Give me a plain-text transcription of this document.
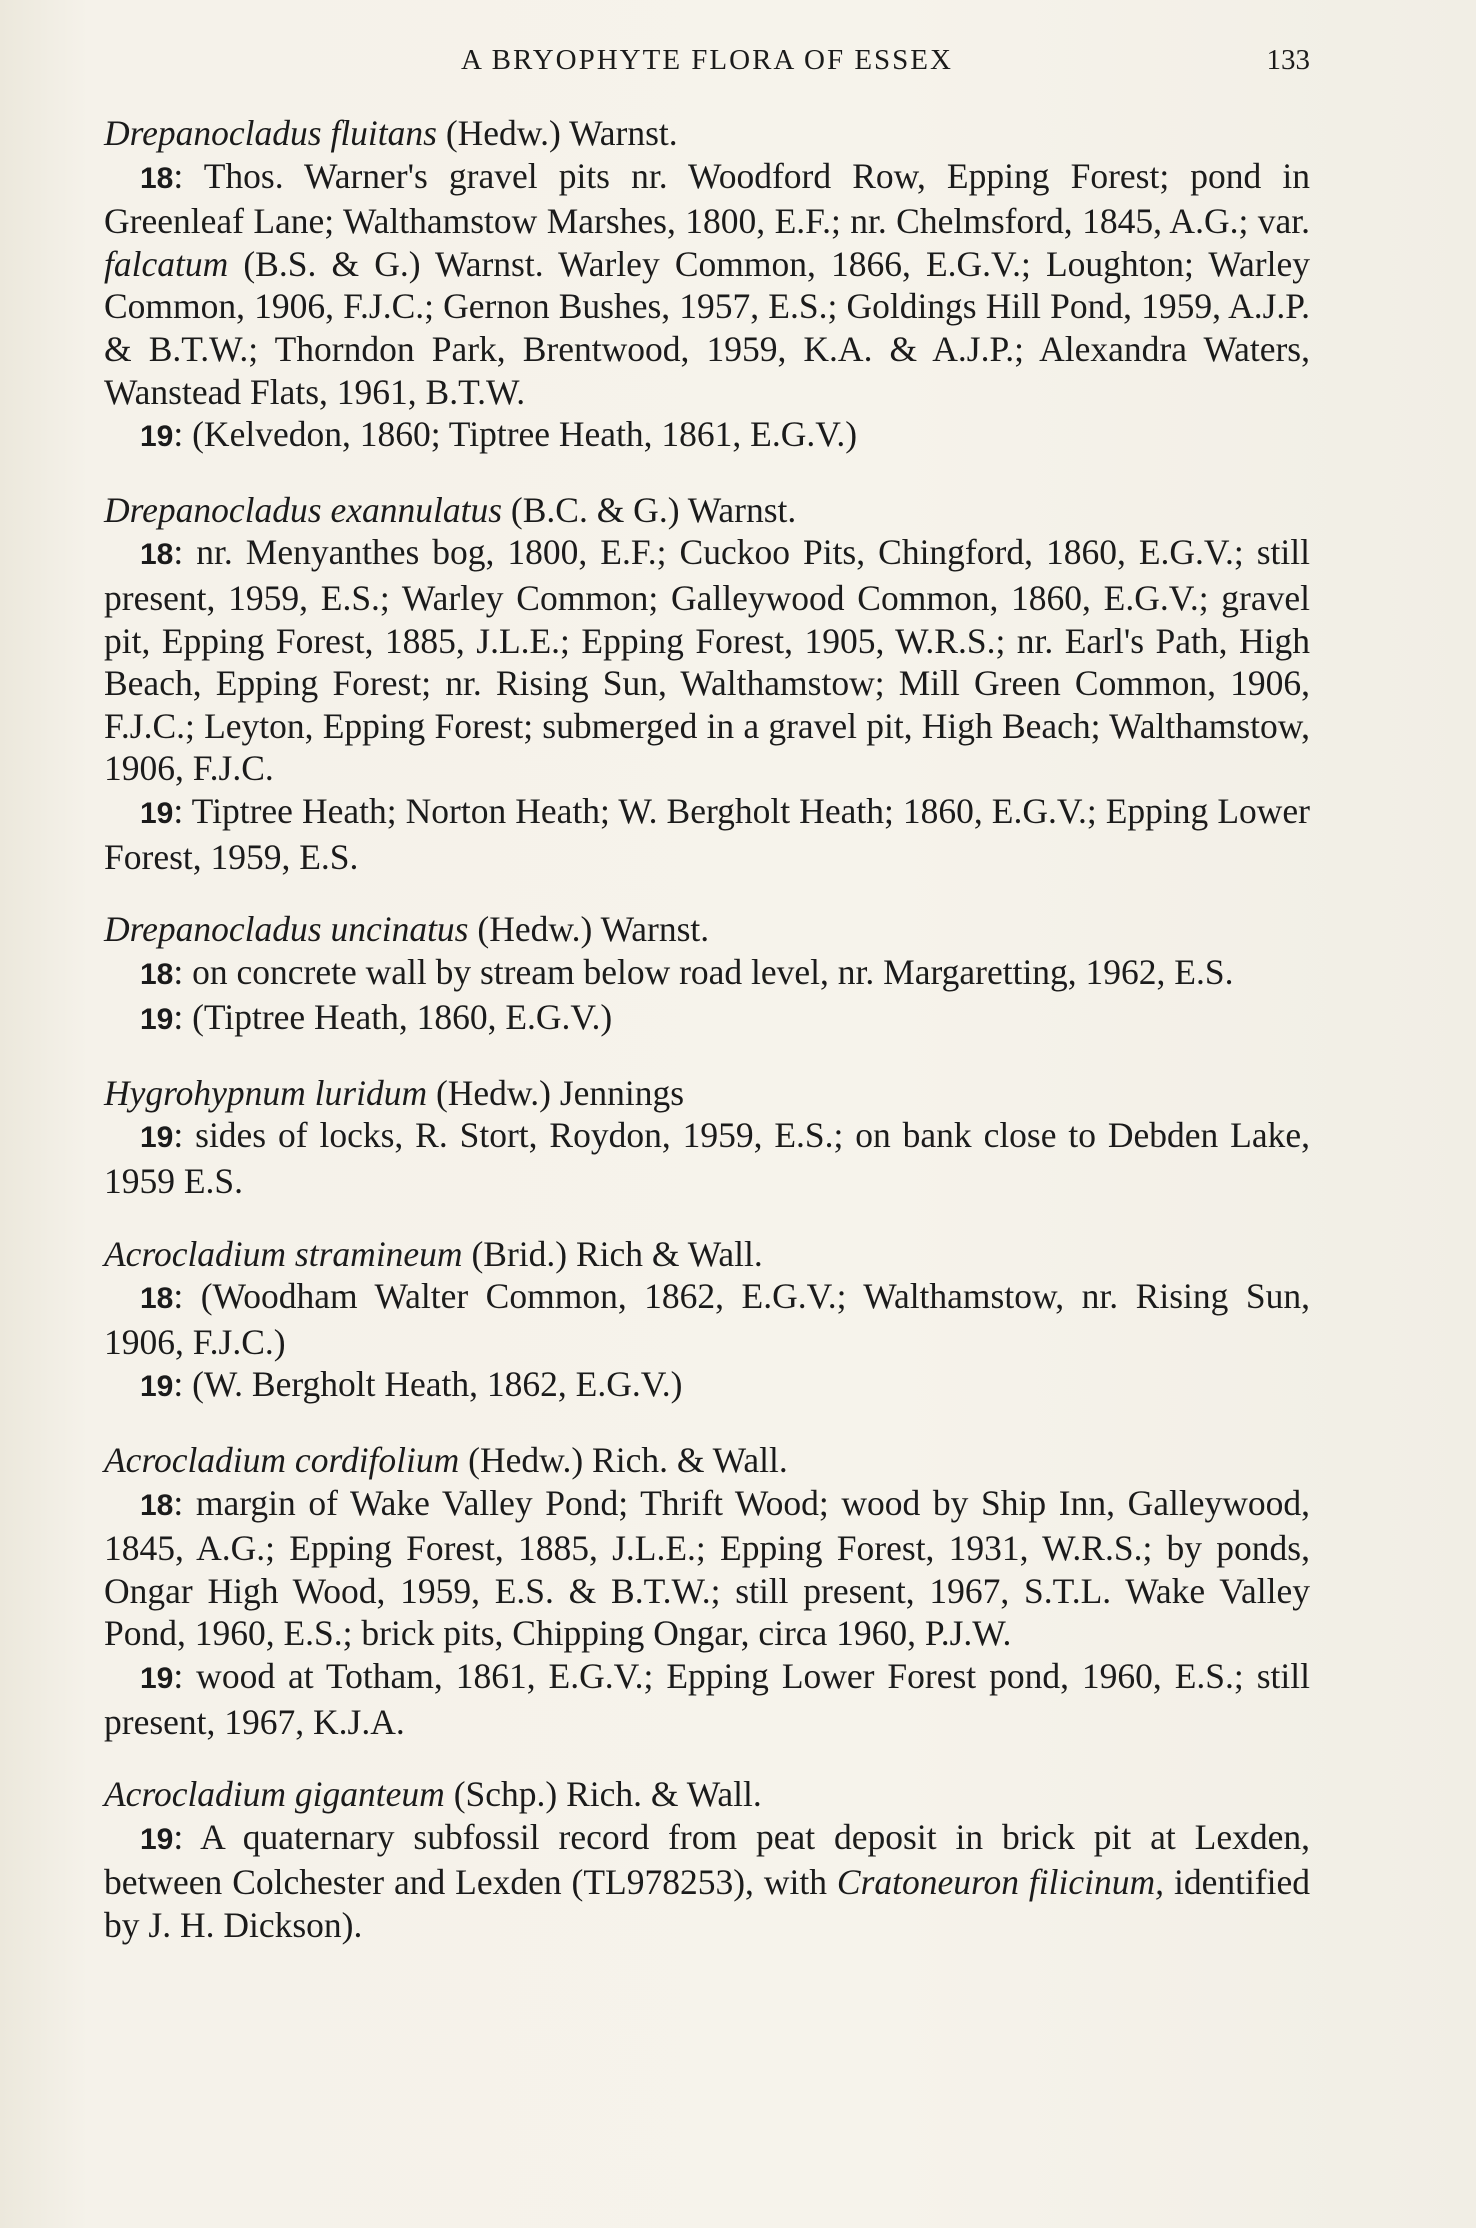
A BRYOPHYTE FLORA OF ESSEX	133

Drepanocladus fluitans (Hedw.) Warnst.

18: Thos. Warner's gravel pits nr. Woodford Row, Epping Forest; pond in Greenleaf Lane; Walthamstow Marshes, 1800, E.F.; nr. Chelmsford, 1845, A.G.; var. falcatum (B.S. & G.) Warnst. Warley Common, 1866, E.G.V.; Loughton; Warley Common, 1906, F.J.C.; Gernon Bushes, 1957, E.S.; Goldings Hill Pond, 1959, A.J.P. & B.T.W.; Thorndon Park, Brentwood, 1959, K.A. & A.J.P.; Alexandra Waters, Wanstead Flats, 1961, B.T.W.

19: (Kelvedon, 1860; Tiptree Heath, 1861, E.G.V.)

Drepanocladus exannulatus (B.C. & G.) Warnst.

18: nr. Menyanthes bog, 1800, E.F.; Cuckoo Pits, Chingford, 1860, E.G.V.; still present, 1959, E.S.; Warley Common; Galleywood Common, 1860, E.G.V.; gravel pit, Epping Forest, 1885, J.L.E.; Epping Forest, 1905, W.R.S.; nr. Earl's Path, High Beach, Epping Forest; nr. Rising Sun, Walthamstow; Mill Green Common, 1906, F.J.C.; Leyton, Epping Forest; submerged in a gravel pit, High Beach; Walthamstow, 1906, F.J.C.

19: Tiptree Heath; Norton Heath; W. Bergholt Heath; 1860, E.G.V.; Epping Lower Forest, 1959, E.S.

Drepanocladus uncinatus (Hedw.) Warnst.

18: on concrete wall by stream below road level, nr. Margaretting, 1962, E.S.

19: (Tiptree Heath, 1860, E.G.V.)

Hygrohypnum luridum (Hedw.) Jennings

19: sides of locks, R. Stort, Roydon, 1959, E.S.; on bank close to Debden Lake, 1959 E.S.

Acrocladium stramineum (Brid.) Rich & Wall.

18: (Woodham Walter Common, 1862, E.G.V.; Walthamstow, nr. Rising Sun, 1906, F.J.C.)

19: (W. Bergholt Heath, 1862, E.G.V.)

Acrocladium cordifolium (Hedw.) Rich. & Wall.

18: margin of Wake Valley Pond; Thrift Wood; wood by Ship Inn, Galleywood, 1845, A.G.; Epping Forest, 1885, J.L.E.; Epping Forest, 1931, W.R.S.; by ponds, Ongar High Wood, 1959, E.S. & B.T.W.; still present, 1967, S.T.L. Wake Valley Pond, 1960, E.S.; brick pits, Chipping Ongar, circa 1960, P.J.W.

19: wood at Totham, 1861, E.G.V.; Epping Lower Forest pond, 1960, E.S.; still present, 1967, K.J.A.

Acrocladium giganteum (Schp.) Rich. & Wall.

19: A quaternary subfossil record from peat deposit in brick pit at Lexden, between Colchester and Lexden (TL978253), with Cratoneuron filicinum, identified by J. H. Dickson).
